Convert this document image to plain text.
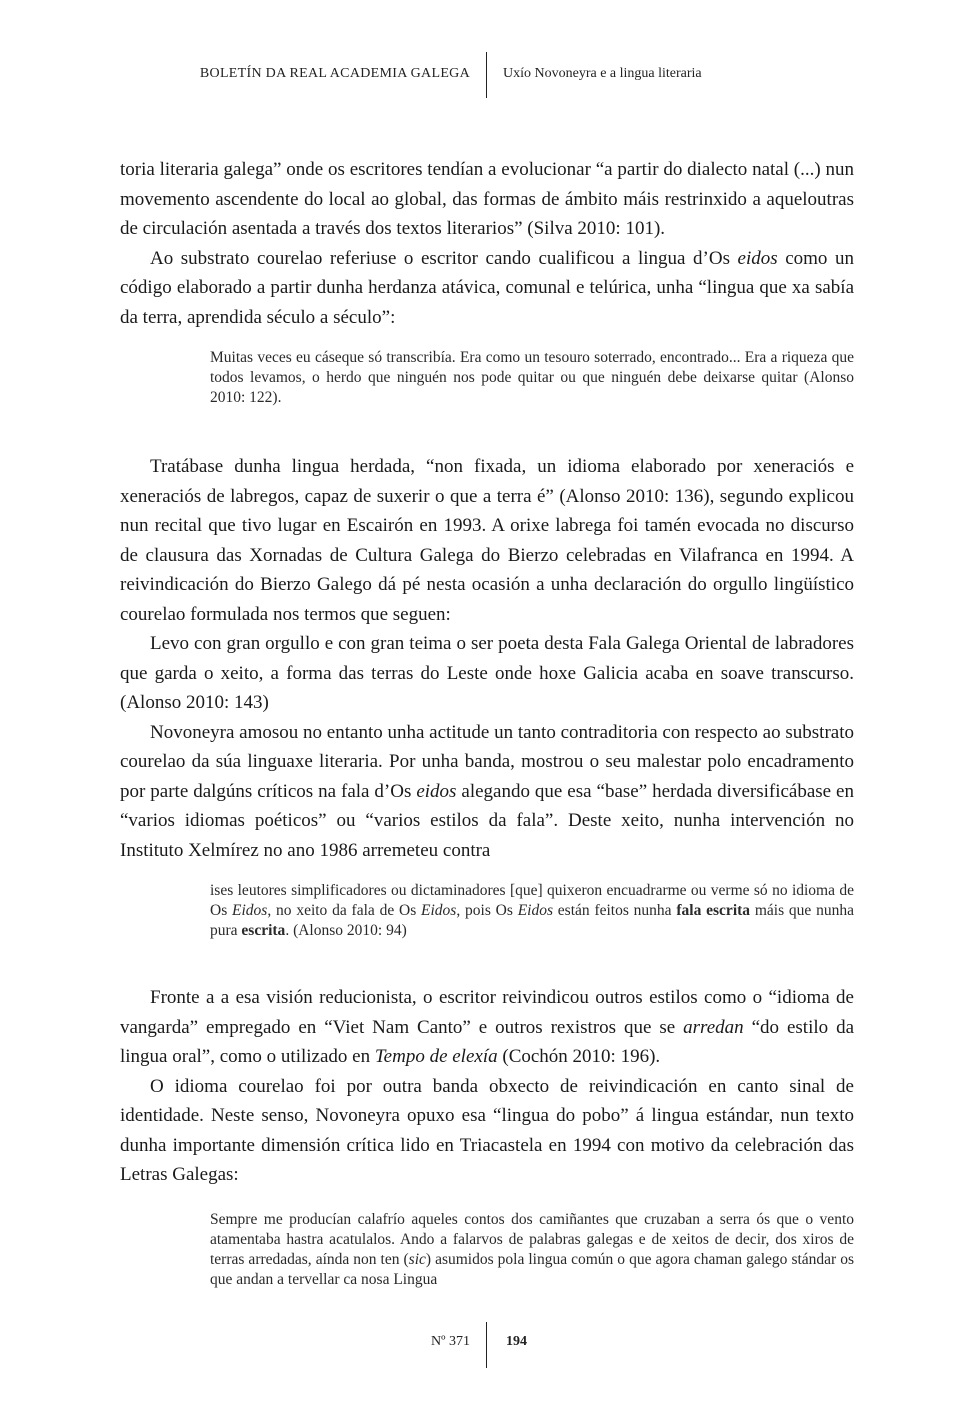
BOLETÍN DA REAL ACADEMIA GALEGA Uxío Novoneyra e a lingua literaria

toria literaria galega” onde os escritores tendían a evolucionar “a partir do dialecto natal (...) nun movemento ascendente do local ao global, das formas de ámbito máis restrinxido a aqueloutras de circulación asentada a través dos textos literarios” (Silva 2010: 101).

Ao substrato courelao referiuse o escritor cando cualificou a lingua d’Os eidos como un código elaborado a partir dunha herdanza atávica, comunal e telúrica, unha “lingua que xa sabía da terra, aprendida século a século”:

Muitas veces eu cáseque só transcribía. Era como un tesouro soterrado, encontrado... Era a riqueza que todos levamos, o herdo que ninguén nos pode quitar ou que ninguén debe deixarse quitar (Alonso 2010: 122).

Tratábase dunha lingua herdada, “non fixada, un idioma elaborado por xeneraciós e xeneraciós de labregos, capaz de suxerir o que a terra é” (Alonso 2010: 136), segundo explicou nun recital que tivo lugar en Escairón en 1993. A orixe labrega foi tamén evocada no discurso de clausura das Xornadas de Cultura Galega do Bierzo celebradas en Vilafranca en 1994. A reivindicación do Bierzo Galego dá pé nesta ocasión a unha declaración do orgullo lingüístico courelao formulada nos termos que seguen:

Levo con gran orgullo e con gran teima o ser poeta desta Fala Galega Oriental de labradores que garda o xeito, a forma das terras do Leste onde hoxe Galicia acaba en soave transcurso. (Alonso 2010: 143)

Novoneyra amosou no entanto unha actitude un tanto contraditoria con respecto ao substrato courelao da súa linguaxe literaria. Por unha banda, mostrou o seu malestar polo encadramento por parte dalgúns críticos na fala d’Os eidos alegando que esa “base” herdada diversificábase en “varios idiomas poéticos” ou “varios estilos da fala”. Deste xeito, nunha intervención no Instituto Xelmírez no ano 1986 arremeteu contra

ises leutores simplificadores ou dictaminadores [que] quixeron encuadrarme ou verme só no idioma de Os Eidos, no xeito da fala de Os Eidos, pois Os Eidos están feitos nunha fala escrita máis que nunha pura escrita. (Alonso 2010: 94)

Fronte a a esa visión reducionista, o escritor reivindicou outros estilos como o “idioma de vangarda” empregado en “Viet Nam Canto” e outros rexistros que se arredan “do estilo da lingua oral”, como o utilizado en Tempo de elexía (Cochón 2010: 196).

O idioma courelao foi por outra banda obxecto de reivindicación en canto sinal de identidade. Neste senso, Novoneyra opuxo esa “lingua do pobo” á lingua estándar, nun texto dunha importante dimensión crítica lido en Triacastela en 1994 con motivo da celebración das Letras Galegas:

Sempre me producían calafrío aqueles contos dos camiñantes que cruzaban a serra ós que o vento atamentaba hastra acatulalos. Ando a falarvos de palabras galegas e de xeitos de decir, dos xiros de terras arredadas, aínda non ten (sic) asumidos pola lingua común o que agora chaman galego stándar os que andan a tervellar ca nosa Lingua
Nº 371	194
